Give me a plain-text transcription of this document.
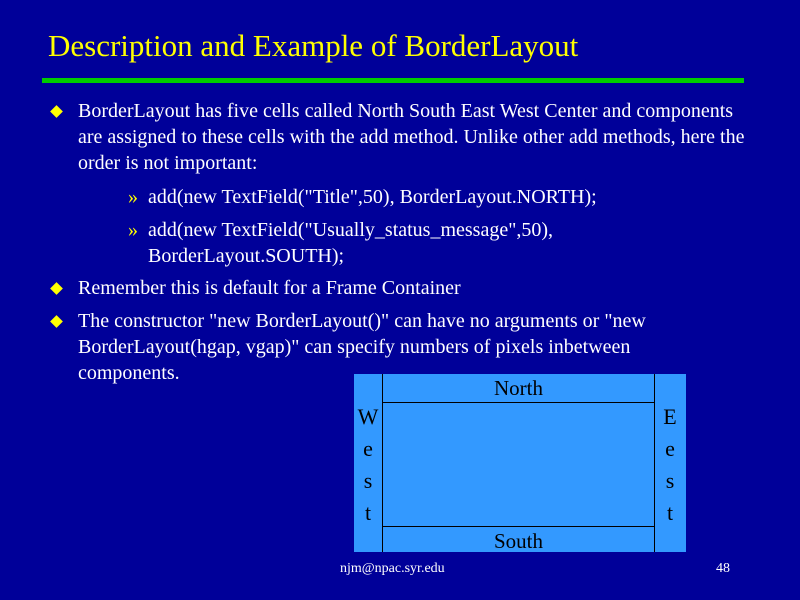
Description and Example of BorderLayout
BorderLayout has five cells called North South East West Center and components are assigned to these cells with the add method. Unlike other add methods, here the order is not important:
» add(new TextField("Title",50), BorderLayout.NORTH);
» add(new TextField("Usually_status_message",50), BorderLayout.SOUTH);
Remember this is default for a Frame Container
The constructor "new BorderLayout()" can have no arguments or "new BorderLayout(hgap, vgap)" can specify numbers of pixels inbetween components.
North
South
W
e
s
t
E
e
s
t
njm@npac.syr.edu	48
